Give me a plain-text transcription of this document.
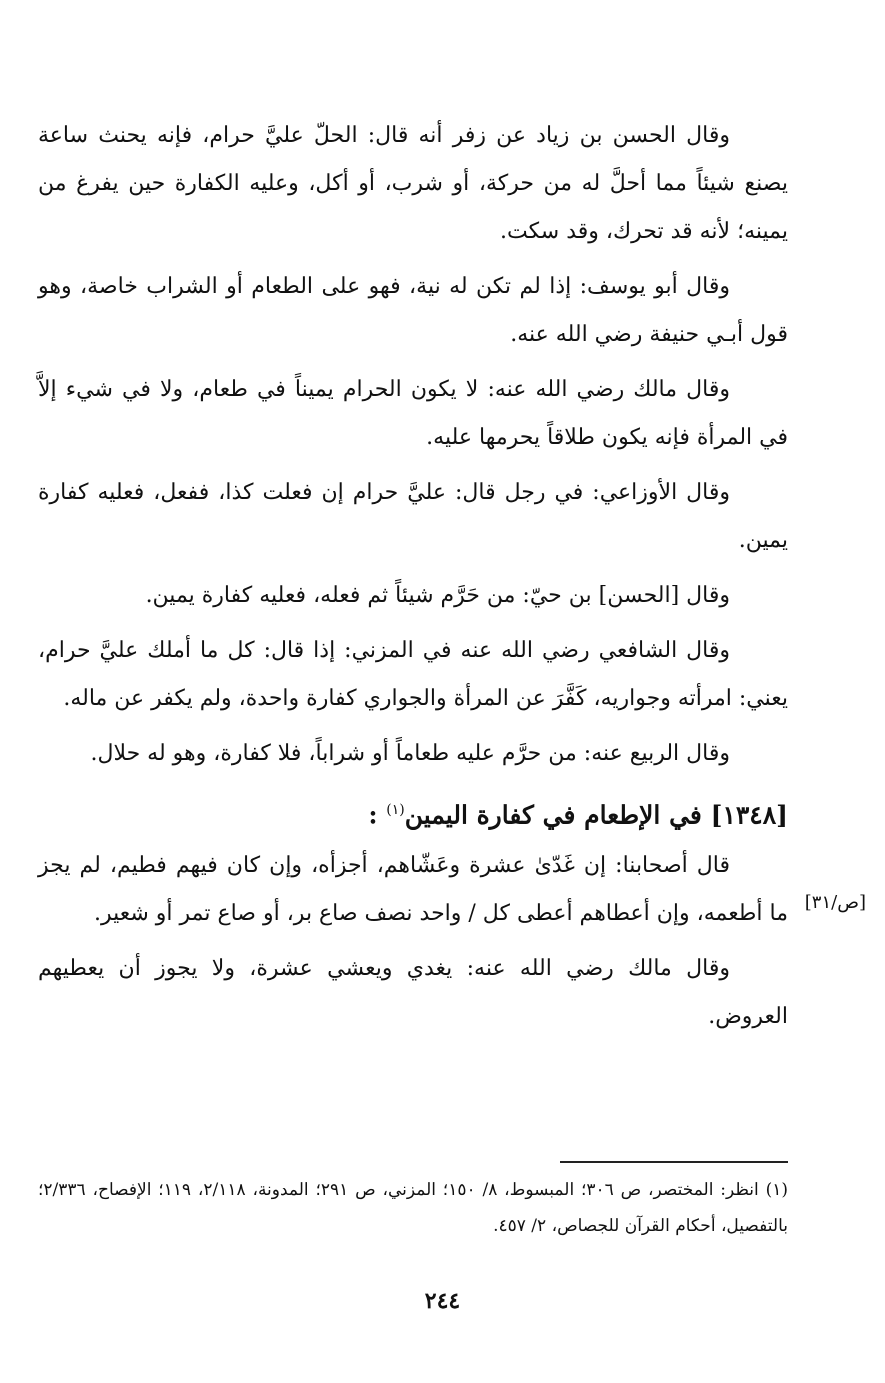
وقال الحسن بن زياد عن زفر أنه قال: الحلّ عليَّ حرام، فإنه يحنث ساعة يصنع شيئاً مما أحلَّ له من حركة، أو شرب، أو أكل، وعليه الكفارة حين يفرغ من يمينه؛ لأنه قد تحرك، وقد سكت.

وقال أبو يوسف: إذا لم تكن له نية، فهو على الطعام أو الشراب خاصة، وهو قول أبـي حنيفة رضي الله عنه.

وقال مالك رضي الله عنه: لا يكون الحرام يميناً في طعام، ولا في شيء إلاَّ في المرأة فإنه يكون طلاقاً يحرمها عليه.

وقال الأوزاعي: في رجل قال: عليَّ حرام إن فعلت كذا، ففعل، فعليه كفارة يمين.

وقال [الحسن] بن حيّ: من حَرَّم شيئاً ثم فعله، فعليه كفارة يمين.

وقال الشافعي رضي الله عنه في المزني: إذا قال: كل ما أملك عليَّ حرام، يعني: امرأته وجواريه، كَفَّرَ عن المرأة والجواري كفارة واحدة، ولم يكفر عن ماله.

وقال الربيع عنه: من حرَّم عليه طعاماً أو شراباً، فلا كفارة، وهو له حلال.

[١٣٤٨] في الإطعام في كفارة اليمين$^{(١)}$ :
[ص/٣١]

قال أصحابنا: إن غَدّىٰ عشرة وعَشّاهم، أجزأه، وإن كان فيهم فطيم، لم يجز ما أطعمه، وإن أعطاهم أعطى كل / واحد نصف صاع بر، أو صاع تمر أو شعير.

وقال مالك رضي الله عنه: يغدي ويعشي عشرة، ولا يجوز أن يعطيهم العروض.

(١) انظر: المختصر، ص ٣٠٦؛ المبسوط، ٨/ ١٥٠؛ المزني، ص ٢٩١؛ المدونة، ٢/١١٨، ١١٩؛ الإفصاح، ٢/٣٣٦؛ بالتفصيل، أحكام القرآن للجصاص، ٢/ ٤٥٧.
٢٤٤
